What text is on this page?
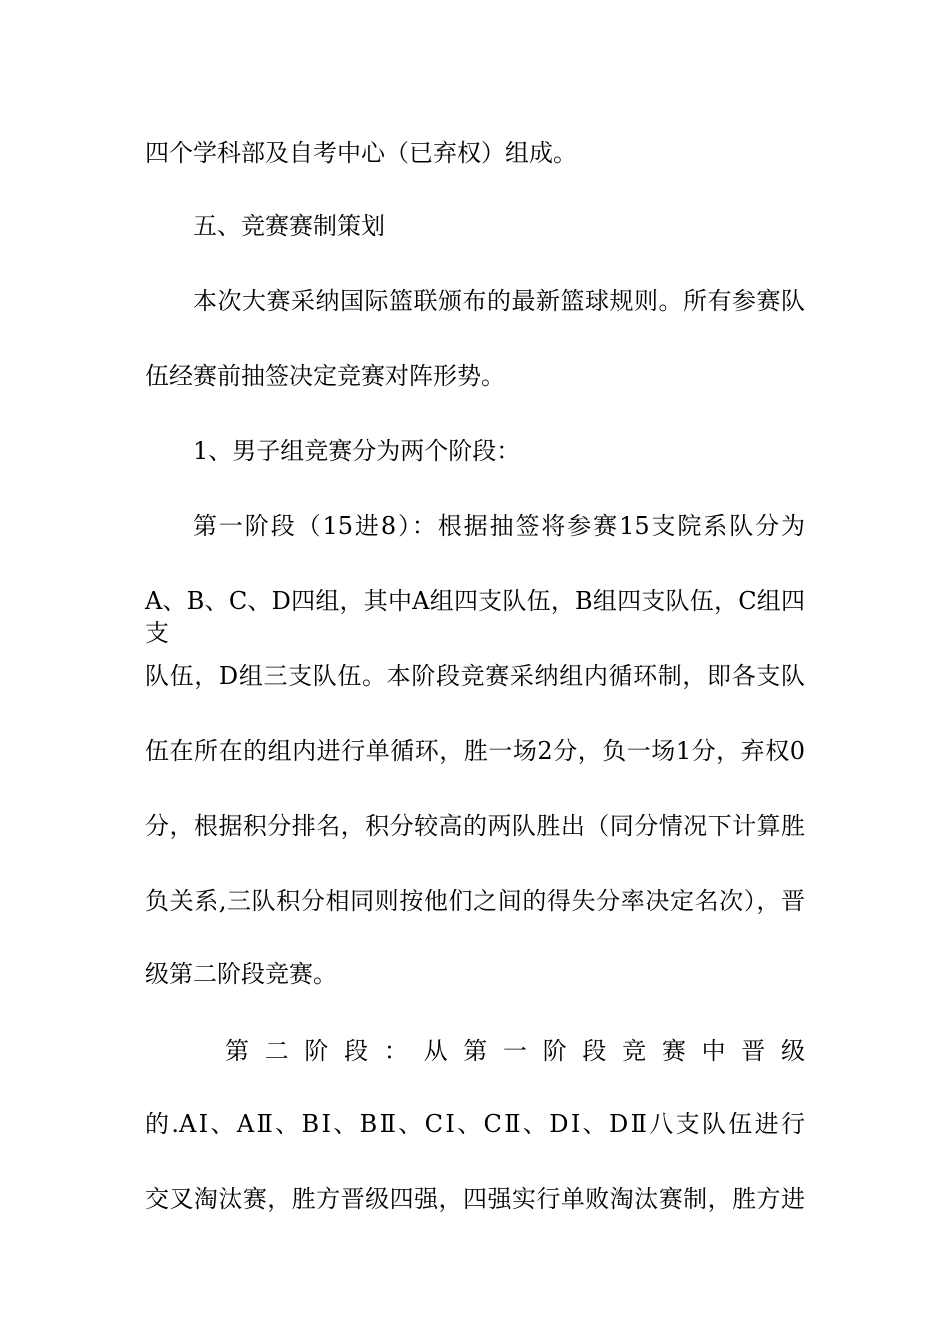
四个学科部及自考中心（已弃权）组成。
五、竞赛赛制策划
本次大赛采纳国际篮联颁布的最新篮球规则。所有参赛队
伍经赛前抽签决定竞赛对阵形势。
1、男子组竞赛分为两个阶段：
第一阶段（15进8）：根据抽签将参赛15支院系队分为
A、B、C、D四组，其中A组四支队伍，B组四支队伍，C组四支
队伍，D组三支队伍。本阶段竞赛采纳组内循环制，即各支队
伍在所在的组内进行单循环，胜一场2分，负一场1分，弃权0
分，根据积分排名，积分较高的两队胜出（同分情况下计算胜
负关系,三队积分相同则按他们之间的得失分率决定名次），晋
级第二阶段竞赛。
第 二 阶 段 ： 从 第 一 阶 段 竞 赛 中 晋 级
的.AⅠ、AⅡ、BⅠ、BⅡ、CⅠ、CⅡ、DⅠ、DⅡ八支队伍进行
交叉淘汰赛，胜方晋级四强，四强实行单败淘汰赛制，胜方进
